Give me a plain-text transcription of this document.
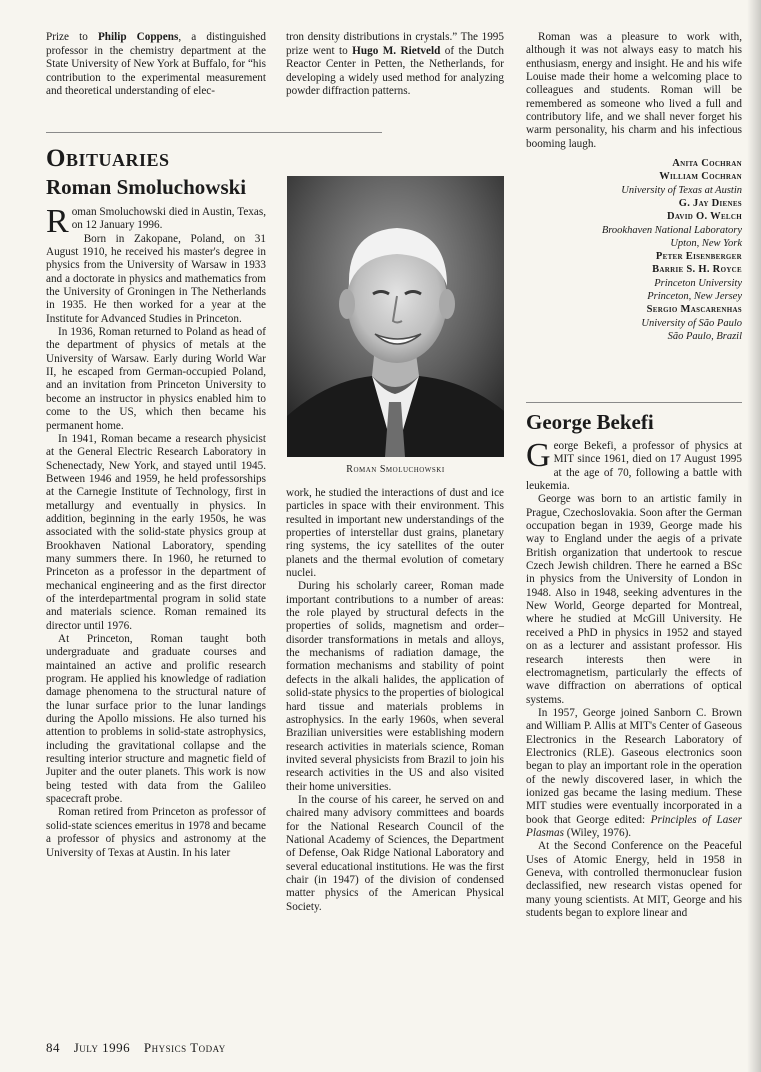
Prize to Philip Coppens, a distinguished professor in the chemistry department at the State University of New York at Buffalo, for “his contribution to the experimental measurement and theoretical understanding of elec-
tron density distributions in crystals.” The 1995 prize went to Hugo M. Rietveld of the Dutch Reactor Center in Petten, the Netherlands, for developing a widely used method for analyzing powder diffraction patterns.
Obituaries
Roman Smoluchowski

Roman Smoluchowski died in Austin, Texas, on 12 January 1996.

Born in Zakopane, Poland, on 31 August 1910, he received his master's degree in physics from the University of Warsaw in 1933 and a doctorate in physics and mathematics from the University of Groningen in The Netherlands in 1935. He then worked for a year at the Institute for Advanced Studies in Princeton.

In 1936, Roman returned to Poland as head of the department of physics of metals at the University of Warsaw. Early during World War II, he escaped from German-occupied Poland, and an invitation from Princeton University to become an instructor in physics enabled him to come to the US, which then became his permanent home.

In 1941, Roman became a research physicist at the General Electric Research Laboratory in Schenectady, New York, and stayed until 1945. Between 1946 and 1959, he held professorships at the Carnegie Institute of Technology, first in metallurgy and eventually in physics. In addition, beginning in the early 1950s, he was associated with the solid-state physics group at Brookhaven National Laboratory, spending many summers there. In 1960, he returned to Princeton as a professor in the department of mechanical engineering and as the first director of the interdepartmental program in solid state and materials science. Roman remained its director until 1976.

At Princeton, Roman taught both undergraduate and graduate courses and maintained an active and prolific research program. He applied his knowledge of radiation damage phenomena to the structural nature of the lunar surface prior to the lunar landings during the Apollo missions. He also turned his attention to problems in solid-state astrophysics, including the gravitational collapse and the resulting interior structure and magnetic field of Jupiter and the outer planets. This work is now being tested with data from the Galileo spacecraft probe.

Roman retired from Princeton as professor of solid-state sciences emeritus in 1978 and became a professor of physics and astronomy at the University of Texas at Austin. In his later

Roman Smoluchowski

work, he studied the interactions of dust and ice particles in space with their environment. This resulted in important new understandings of the properties of interstellar dust grains, planetary ring systems, the icy satellites of the outer planets and the thermal evolution of cometary nuclei.

During his scholarly career, Roman made important contributions to a number of areas: the role played by structural defects in the properties of solids, magnetism and order–disorder transformations in metals and alloys, the mechanisms of radiation damage, the formation mechanisms and stability of point defects in the alkali halides, the application of solid-state physics to the properties of biological hard tissue and materials problems in astrophysics. In the early 1960s, when several Brazilian universities were establishing modern research activities in materials science, Roman invited several physicists from Brazil to join his research activities in the US and also visited their home universities.

In the course of his career, he served on and chaired many advisory committees and boards for the National Research Council of the National Academy of Sciences, the Department of Defense, Oak Ridge National Laboratory and several educational institutions. He was the first chair (in 1947) of the division of condensed matter physics of the American Physical Society.

Roman was a pleasure to work with, although it was not always easy to match his enthusiasm, energy and insight. He and his wife Louise made their home a welcoming place to colleagues and students. Roman will be remembered as someone who lived a full and contributory life, and we shall never forget his warm personality, his charm and his infectious booming laugh.

Anita Cochran
William Cochran
University of Texas at Austin
G. Jay Dienes
David O. Welch
Brookhaven National Laboratory
Upton, New York
Peter Eisenberger
Barrie S. H. Royce
Princeton University
Princeton, New Jersey
Sergio Mascarenhas
University of São Paulo
São Paulo, Brazil
George Bekefi

George Bekefi, a professor of physics at MIT since 1961, died on 17 August 1995 at the age of 70, following a battle with leukemia.

George was born to an artistic family in Prague, Czechoslovakia. Soon after the German occupation began in 1939, George made his way to England under the aegis of a private British organization that undertook to rescue Czech Jewish children. There he earned a BSc in physics from the University of London in 1948. Also in 1948, seeking adventures in the New World, George departed for Montreal, where he studied at McGill University. He received a PhD in physics in 1952 and stayed on as a lecturer and assistant professor. His research interests then were in electromagnetism, particularly the effects of wave diffraction on aberrations of optical systems.

In 1957, George joined Sanborn C. Brown and William P. Allis at MIT's Center of Gaseous Electronics in the Research Laboratory of Electronics (RLE). Gaseous electronics soon began to play an important role in the operation of the newly discovered laser, in which the ionized gas became the lasing medium. These MIT studies were eventually incorporated in a book that George edited: Principles of Laser Plasmas (Wiley, 1976).

At the Second Conference on the Peaceful Uses of Atomic Energy, held in 1958 in Geneva, with controlled thermonuclear fusion declassified, new research vistas opened for many young scientists. At MIT, George and his students began to explore linear and

84 July 1996 Physics Today
